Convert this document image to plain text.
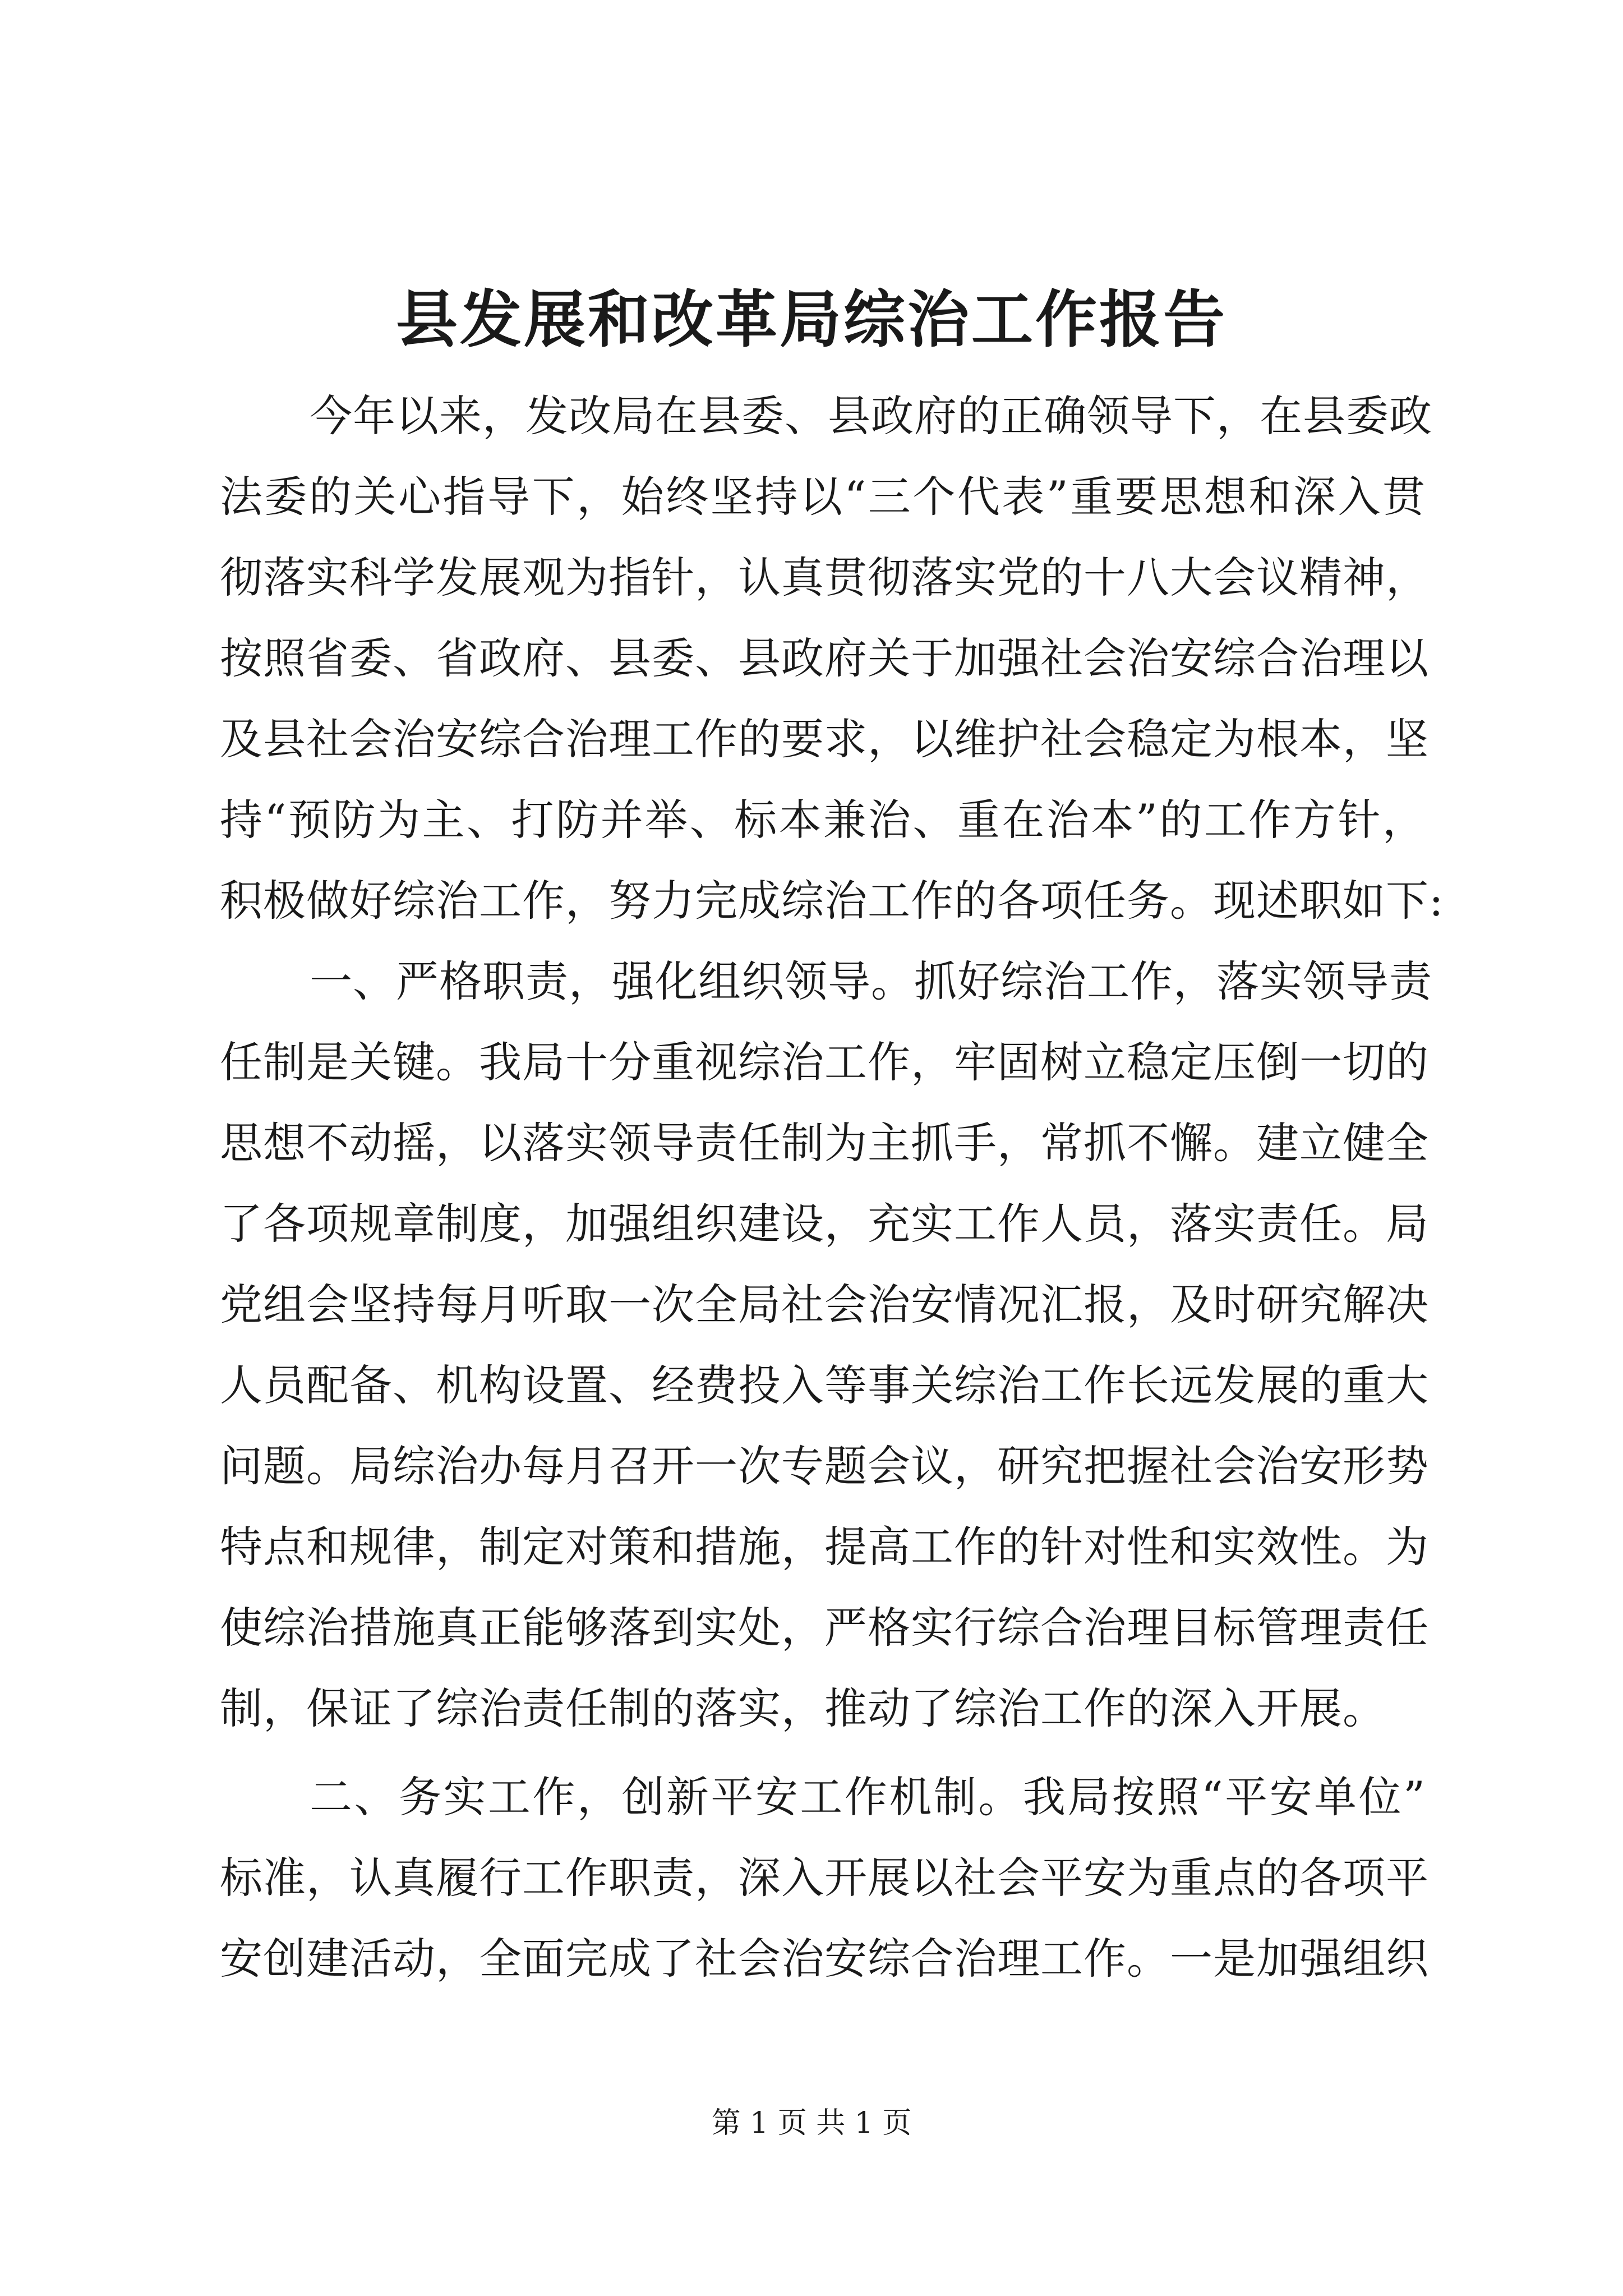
县发展和改革局综治工作报告
今年以来，发改局在县委、县政府的正确领导下，在县委政
法委的关心指导下，始终坚持以“三个代表”重要思想和深入贯
彻落实科学发展观为指针，认真贯彻落实党的十八大会议精神，
按照省委、省政府、县委、县政府关于加强社会治安综合治理以
及县社会治安综合治理工作的要求，以维护社会稳定为根本，坚
持“预防为主、打防并举、标本兼治、重在治本”的工作方针，
积极做好综治工作，努力完成综治工作的各项任务。现述职如下:
一、严格职责，强化组织领导。抓好综治工作，落实领导责
任制是关键。我局十分重视综治工作，牢固树立稳定压倒一切的
思想不动摇，以落实领导责任制为主抓手，常抓不懈。建立健全
了各项规章制度，加强组织建设，充实工作人员，落实责任。局
党组会坚持每月听取一次全局社会治安情况汇报，及时研究解决
人员配备、机构设置、经费投入等事关综治工作长远发展的重大
问题。局综治办每月召开一次专题会议，研究把握社会治安形势
特点和规律，制定对策和措施，提高工作的针对性和实效性。为
使综治措施真正能够落到实处，严格实行综合治理目标管理责任
制，保证了综治责任制的落实，推动了综治工作的深入开展。
二、务实工作，创新平安工作机制。我局按照“平安单位”
标准，认真履行工作职责，深入开展以社会平安为重点的各项平
安创建活动，全面完成了社会治安综合治理工作。一是加强组织
第 1 页 共 1 页
